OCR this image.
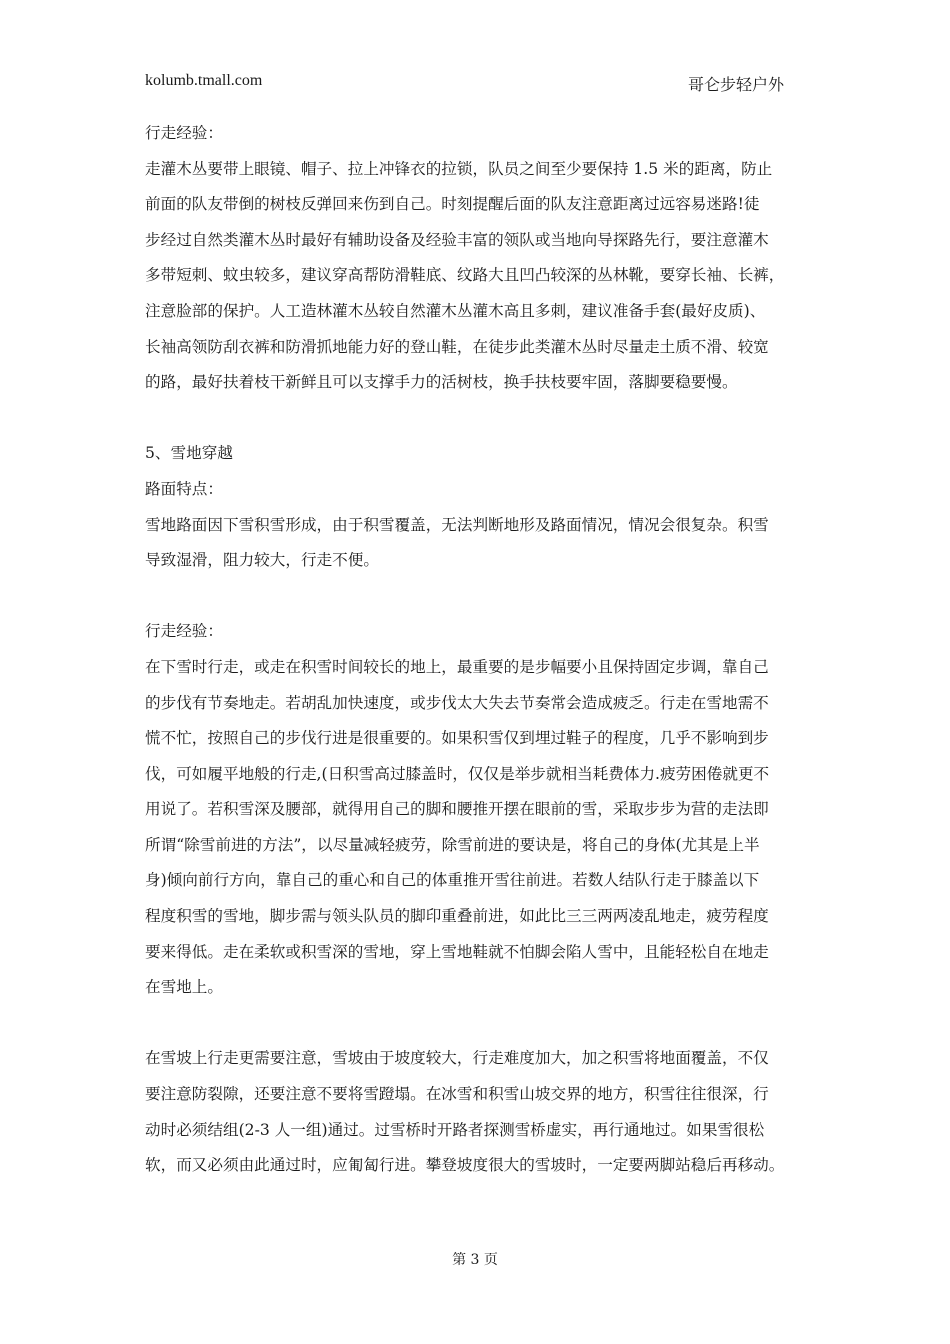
kolumb.tmall.com	哥仑步轻户外
行走经验：
走灌木丛要带上眼镜、帽子、拉上冲锋衣的拉锁，队员之间至少要保持 1.5 米的距离，防止
前面的队友带倒的树枝反弹回来伤到自己。时刻提醒后面的队友注意距离过远容易迷路!徒
步经过自然类灌木丛时最好有辅助设备及经验丰富的领队或当地向导探路先行，要注意灌木
多带短刺、蚊虫较多，建议穿高帮防滑鞋底、纹路大且凹凸较深的丛林靴，要穿长袖、长裤，
注意脸部的保护。人工造林灌木丛较自然灌木丛灌木高且多刺，建议准备手套(最好皮质)、
长袖高领防刮衣裤和防滑抓地能力好的登山鞋，在徒步此类灌木丛时尽量走土质不滑、较宽
的路，最好扶着枝干新鲜且可以支撑手力的活树枝，换手扶枝要牢固，落脚要稳要慢。
5、雪地穿越
路面特点：
雪地路面因下雪积雪形成，由于积雪覆盖，无法判断地形及路面情况，情况会很复杂。积雪
导致湿滑，阻力较大，行走不便。
行走经验：
在下雪时行走，或走在积雪时间较长的地上，最重要的是步幅要小且保持固定步调，靠自己
的步伐有节奏地走。若胡乱加快速度，或步伐太大失去节奏常会造成疲乏。行走在雪地需不
慌不忙，按照自己的步伐行进是很重要的。如果积雪仅到埋过鞋子的程度，几乎不影响到步
伐，可如履平地般的行走,(日积雪高过膝盖时，仅仅是举步就相当耗费体力.疲劳困倦就更不
用说了。若积雪深及腰部，就得用自己的脚和腰推开摆在眼前的雪，采取步步为营的走法即
所谓“除雪前进的方法”，以尽量减轻疲劳，除雪前进的要诀是，将自己的身体(尤其是上半
身)倾向前行方向，靠自己的重心和自己的体重推开雪往前进。若数人结队行走于膝盖以下
程度积雪的雪地，脚步需与领头队员的脚印重叠前进，如此比三三两两凌乱地走，疲劳程度
要来得低。走在柔软或积雪深的雪地，穿上雪地鞋就不怕脚会陷人雪中，且能轻松自在地走
在雪地上。
在雪坡上行走更需要注意，雪坡由于坡度较大，行走难度加大，加之积雪将地面覆盖，不仅
要注意防裂隙，还要注意不要将雪蹬塌。在冰雪和积雪山坡交界的地方，积雪往往很深，行
动时必须结组(2-3 人一组)通过。过雪桥时开路者探测雪桥虚实，再行通地过。如果雪很松
软，而又必须由此通过时，应匍匐行进。攀登坡度很大的雪坡时，一定要两脚站稳后再移动。
第 3 页
